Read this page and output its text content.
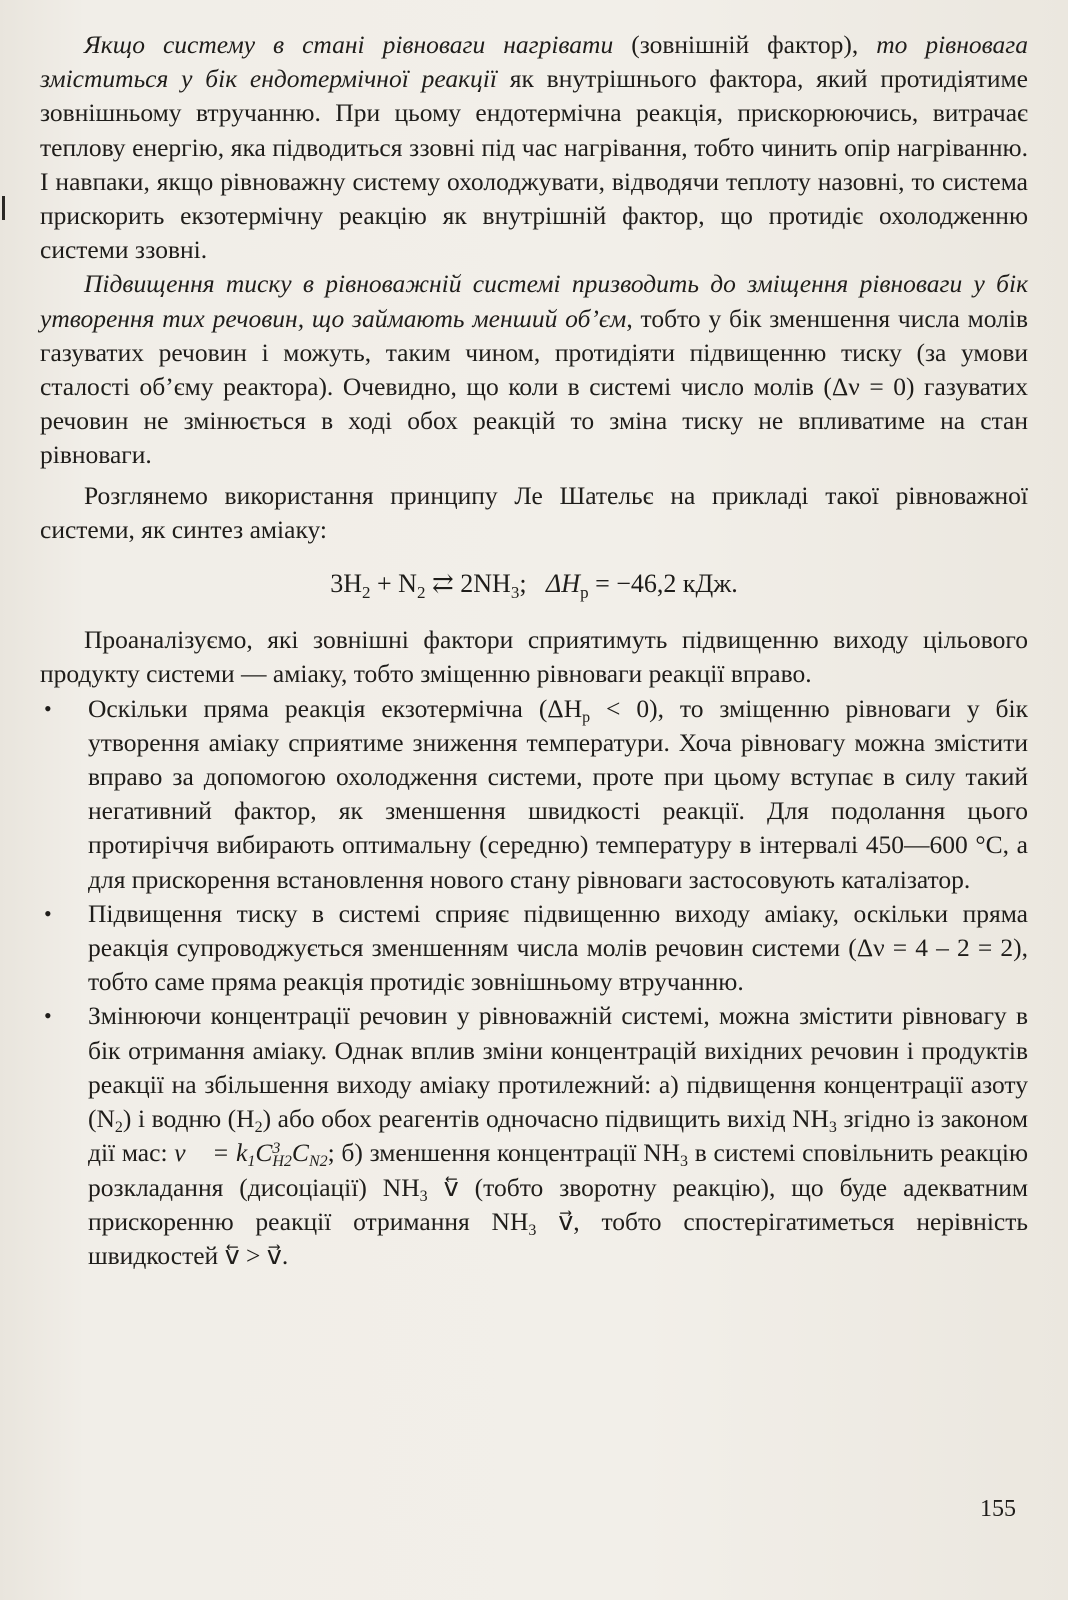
Якщо систему в стані рівноваги нагрівати (зовнішній фактор), то рівновага зміститься у бік ендотермічної реакції як внутрішнього фактора, який протидіятиме зовнішньому втручанню. При цьому ендотермічна реакція, прискорюючись, витрачає теплову енергію, яка підводиться ззовні під час нагрівання, тобто чинить опір нагріванню. І навпаки, якщо рівноважну систему охолоджувати, відводячи теплоту назовні, то система прискорить екзотермічну реакцію як внутрішній фактор, що протидіє охолодженню системи ззовні.

Підвищення тиску в рівноважній системі призводить до зміщення рівноваги у бік утворення тих речовин, що займають менший об’єм, тобто у бік зменшення числа молів газуватих речовин і можуть, таким чином, протидіяти підвищенню тиску (за умови сталості об’єму реактора). Очевидно, що коли в системі число молів (Δν = 0) газуватих речовин не змінюється в ході обох реакцій то зміна тиску не впливатиме на стан рівноваги.

Розглянемо використання принципу Ле Шательє на прикладі такої рівноважної системи, як синтез аміаку:

$3H_2 + N_2$ ⇄ $2NH_3$;   $\Delta H_р = -46,2$ кДж.

Проаналізуємо, які зовнішні фактори сприятимуть підвищенню виходу цільового продукту системи — аміаку, тобто зміщенню рівноваги реакції вправо.

• Оскільки пряма реакція екзотермічна $(\Delta H_р < 0)$, то зміщенню рівноваги у бік утворення аміаку сприятиме зниження температури. Хоча рівновагу можна змістити вправо за допомогою охолодження системи, проте при цьому вступає в силу такий негативний фактор, як зменшення швидкості реакції. Для подолання цього протиріччя вибирають оптимальну (середню) температуру в інтервалі 450—600 °С, а для прискорення встановлення нового стану рівноваги застосовують каталізатор.
• Підвищення тиску в системі сприяє підвищенню виходу аміаку, оскільки пряма реакція супроводжується зменшенням числа молів речовин системи (Δν = 4 – 2 = 2), тобто саме пряма реакція протидіє зовнішньому втручанню.
• Змінюючи концентрації речовин у рівноважній системі, можна змістити рівновагу в бік отримання аміаку. Однак вплив зміни концентрацій вихідних речовин і продуктів реакції на збільшення виходу аміаку протилежний: а) підвищення концентрації азоту $(N_2)$ і водню $(H_2)$ або обох реагентів одночасно підвищить вихід $NH_3$ згідно із законом дії мас: v⃗ = $k_1C^3_{H2}C_{N2}$; б) зменшення концентрації $NH_3$ в системі сповільнить реакцію розкладання (дисоціації) $NH_3$ v⃖ (тобто зворотну реакцію), що буде адекватним прискоренню реакції отримання $NH_3$ v⃗, тобто спостерігатиметься нерівність швидкостей v⃖ > v⃗.
155
